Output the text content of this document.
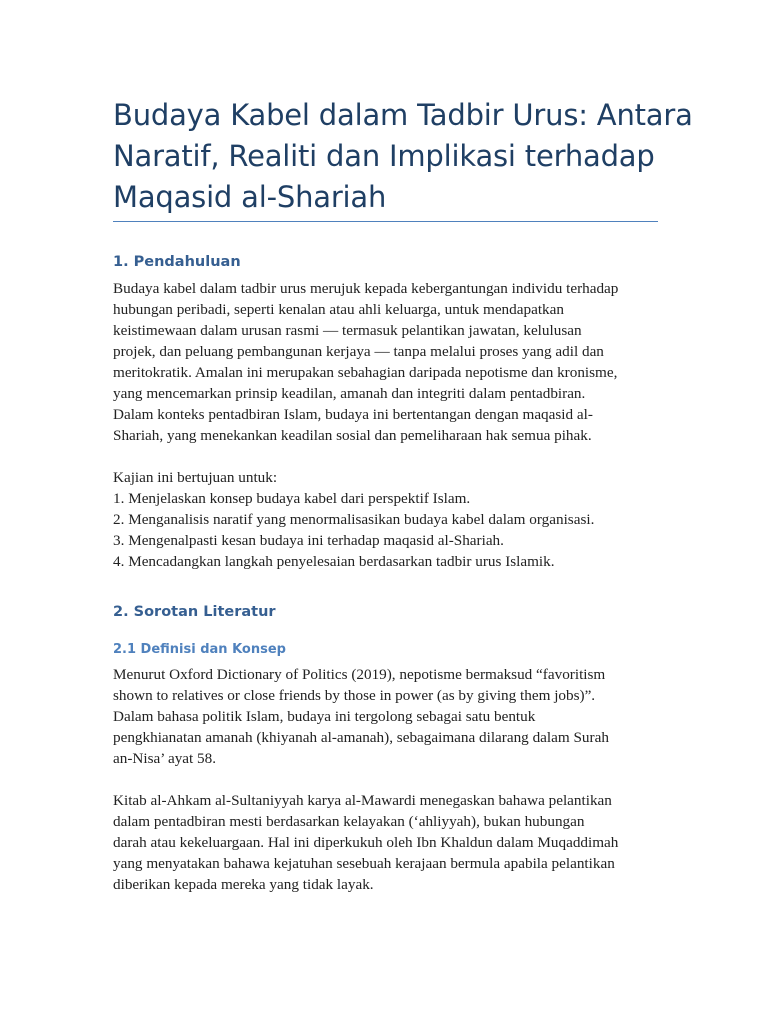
Budaya Kabel dalam Tadbir Urus: Antara
Naratif, Realiti dan Implikasi terhadap
Maqasid al-Shariah
1. Pendahuluan

Budaya kabel dalam tadbir urus merujuk kepada kebergantungan individu terhadap
hubungan peribadi, seperti kenalan atau ahli keluarga, untuk mendapatkan
keistimewaan dalam urusan rasmi — termasuk pelantikan jawatan, kelulusan
projek, dan peluang pembangunan kerjaya — tanpa melalui proses yang adil dan
meritokratik. Amalan ini merupakan sebahagian daripada nepotisme dan kronisme,
yang mencemarkan prinsip keadilan, amanah dan integriti dalam pentadbiran.
Dalam konteks pentadbiran Islam, budaya ini bertentangan dengan maqasid al-
Shariah, yang menekankan keadilan sosial dan pemeliharaan hak semua pihak.

Kajian ini bertujuan untuk:
1. Menjelaskan konsep budaya kabel dari perspektif Islam.
2. Menganalisis naratif yang menormalisasikan budaya kabel dalam organisasi.
3. Mengenalpasti kesan budaya ini terhadap maqasid al-Shariah.
4. Mencadangkan langkah penyelesaian berdasarkan tadbir urus Islamik.

2. Sorotan Literatur
2.1 Definisi dan Konsep

Menurut Oxford Dictionary of Politics (2019), nepotisme bermaksud “favoritism
shown to relatives or close friends by those in power (as by giving them jobs)”.
Dalam bahasa politik Islam, budaya ini tergolong sebagai satu bentuk
pengkhianatan amanah (khiyanah al-amanah), sebagaimana dilarang dalam Surah
an-Nisa’ ayat 58.

Kitab al-Ahkam al-Sultaniyyah karya al-Mawardi menegaskan bahawa pelantikan
dalam pentadbiran mesti berdasarkan kelayakan (‘ahliyyah), bukan hubungan
darah atau kekeluargaan. Hal ini diperkukuh oleh Ibn Khaldun dalam Muqaddimah
yang menyatakan bahawa kejatuhan sesebuah kerajaan bermula apabila pelantikan
diberikan kepada mereka yang tidak layak.
